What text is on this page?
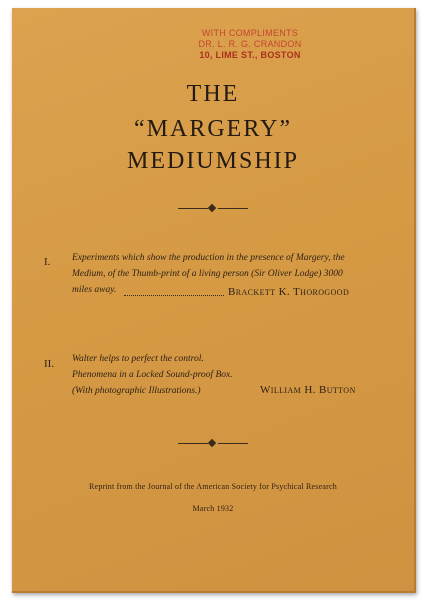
WITH COMPLIMENTS
DR. L. R. G. CRANDON
10, LIME ST., BOSTON
THE
“MARGERY”
MEDIUMSHIP
I. Experiments which show the production in the presence of Margery, the
Medium, of the Thumb-print of a living person (Sir Oliver Lodge) 3000
miles away.	Brackett K. Thorogood
II. Walter helps to perfect the control.
Phenomena in a Locked Sound-proof Box.
(With photographic Illustrations.)	William H. Button
Reprint from the Journal of the American Society for Psychical Research
March 1932
